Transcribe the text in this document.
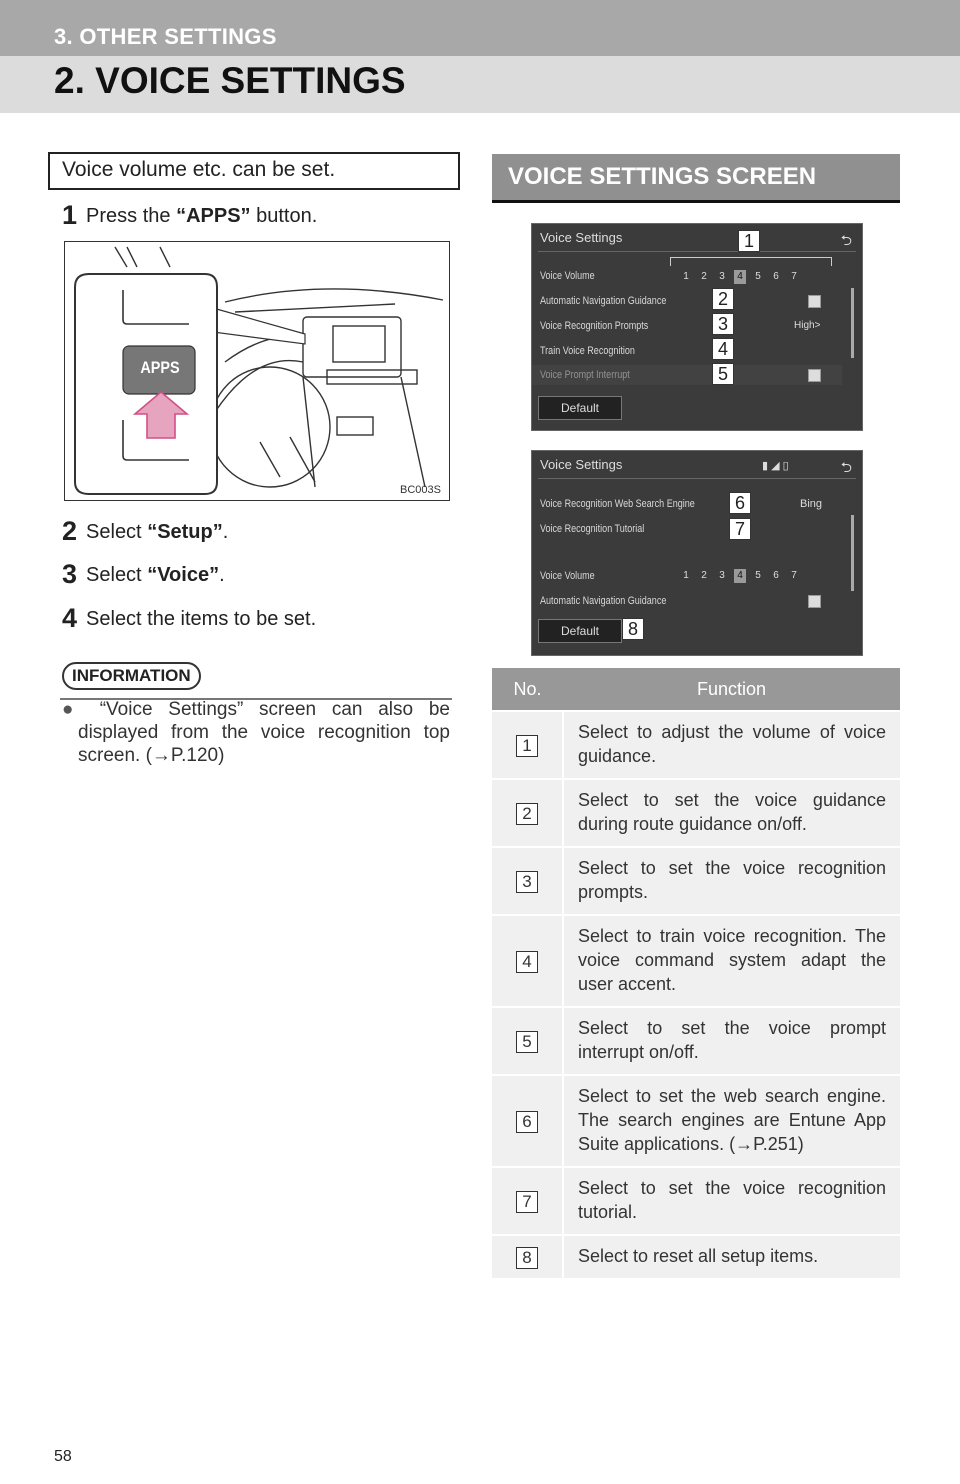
3. OTHER SETTINGS
2. VOICE SETTINGS
Voice volume etc. can be set.
1 Press the “APPS” button.
APPS
BC003S
2 Select “Setup”.
3 Select “Voice”.
4 Select the items to be set.
INFORMATION
● “Voice Settings” screen can also be displayed from the voice recognition top screen. (→P.120)
VOICE SETTINGS SCREEN
Voice Settings	⮌
Voice Volume
Automatic Navigation Guidance
Voice Recognition Prompts
Train Voice Recognition
1	2	3	4	5	6	7
High>
Default
1
2
3
4
5
Voice Settings	⮌
▮ ◢ ▯
Voice Recognition Web Search Engine
Voice Recognition Tutorial
Voice Volume
Automatic Navigation Guidance
Bing
1	2	3	4	5	6	7
Default
6
7
8
No.	Function
1	Select to adjust the volume of voice guidance.
2	Select to set the voice guidance during route guidance on/off.
3	Select to set the voice recognition prompts.
4	Select to train voice recognition. The voice command system adapt the user accent.
5	Select to set the voice prompt interrupt on/off.
6	Select to set the web search engine. The search engines are Entune App Suite applications. (→P.251)
7	Select to set the voice recognition tutorial.
8	Select to reset all setup items.
58
carmanualsonline.info
